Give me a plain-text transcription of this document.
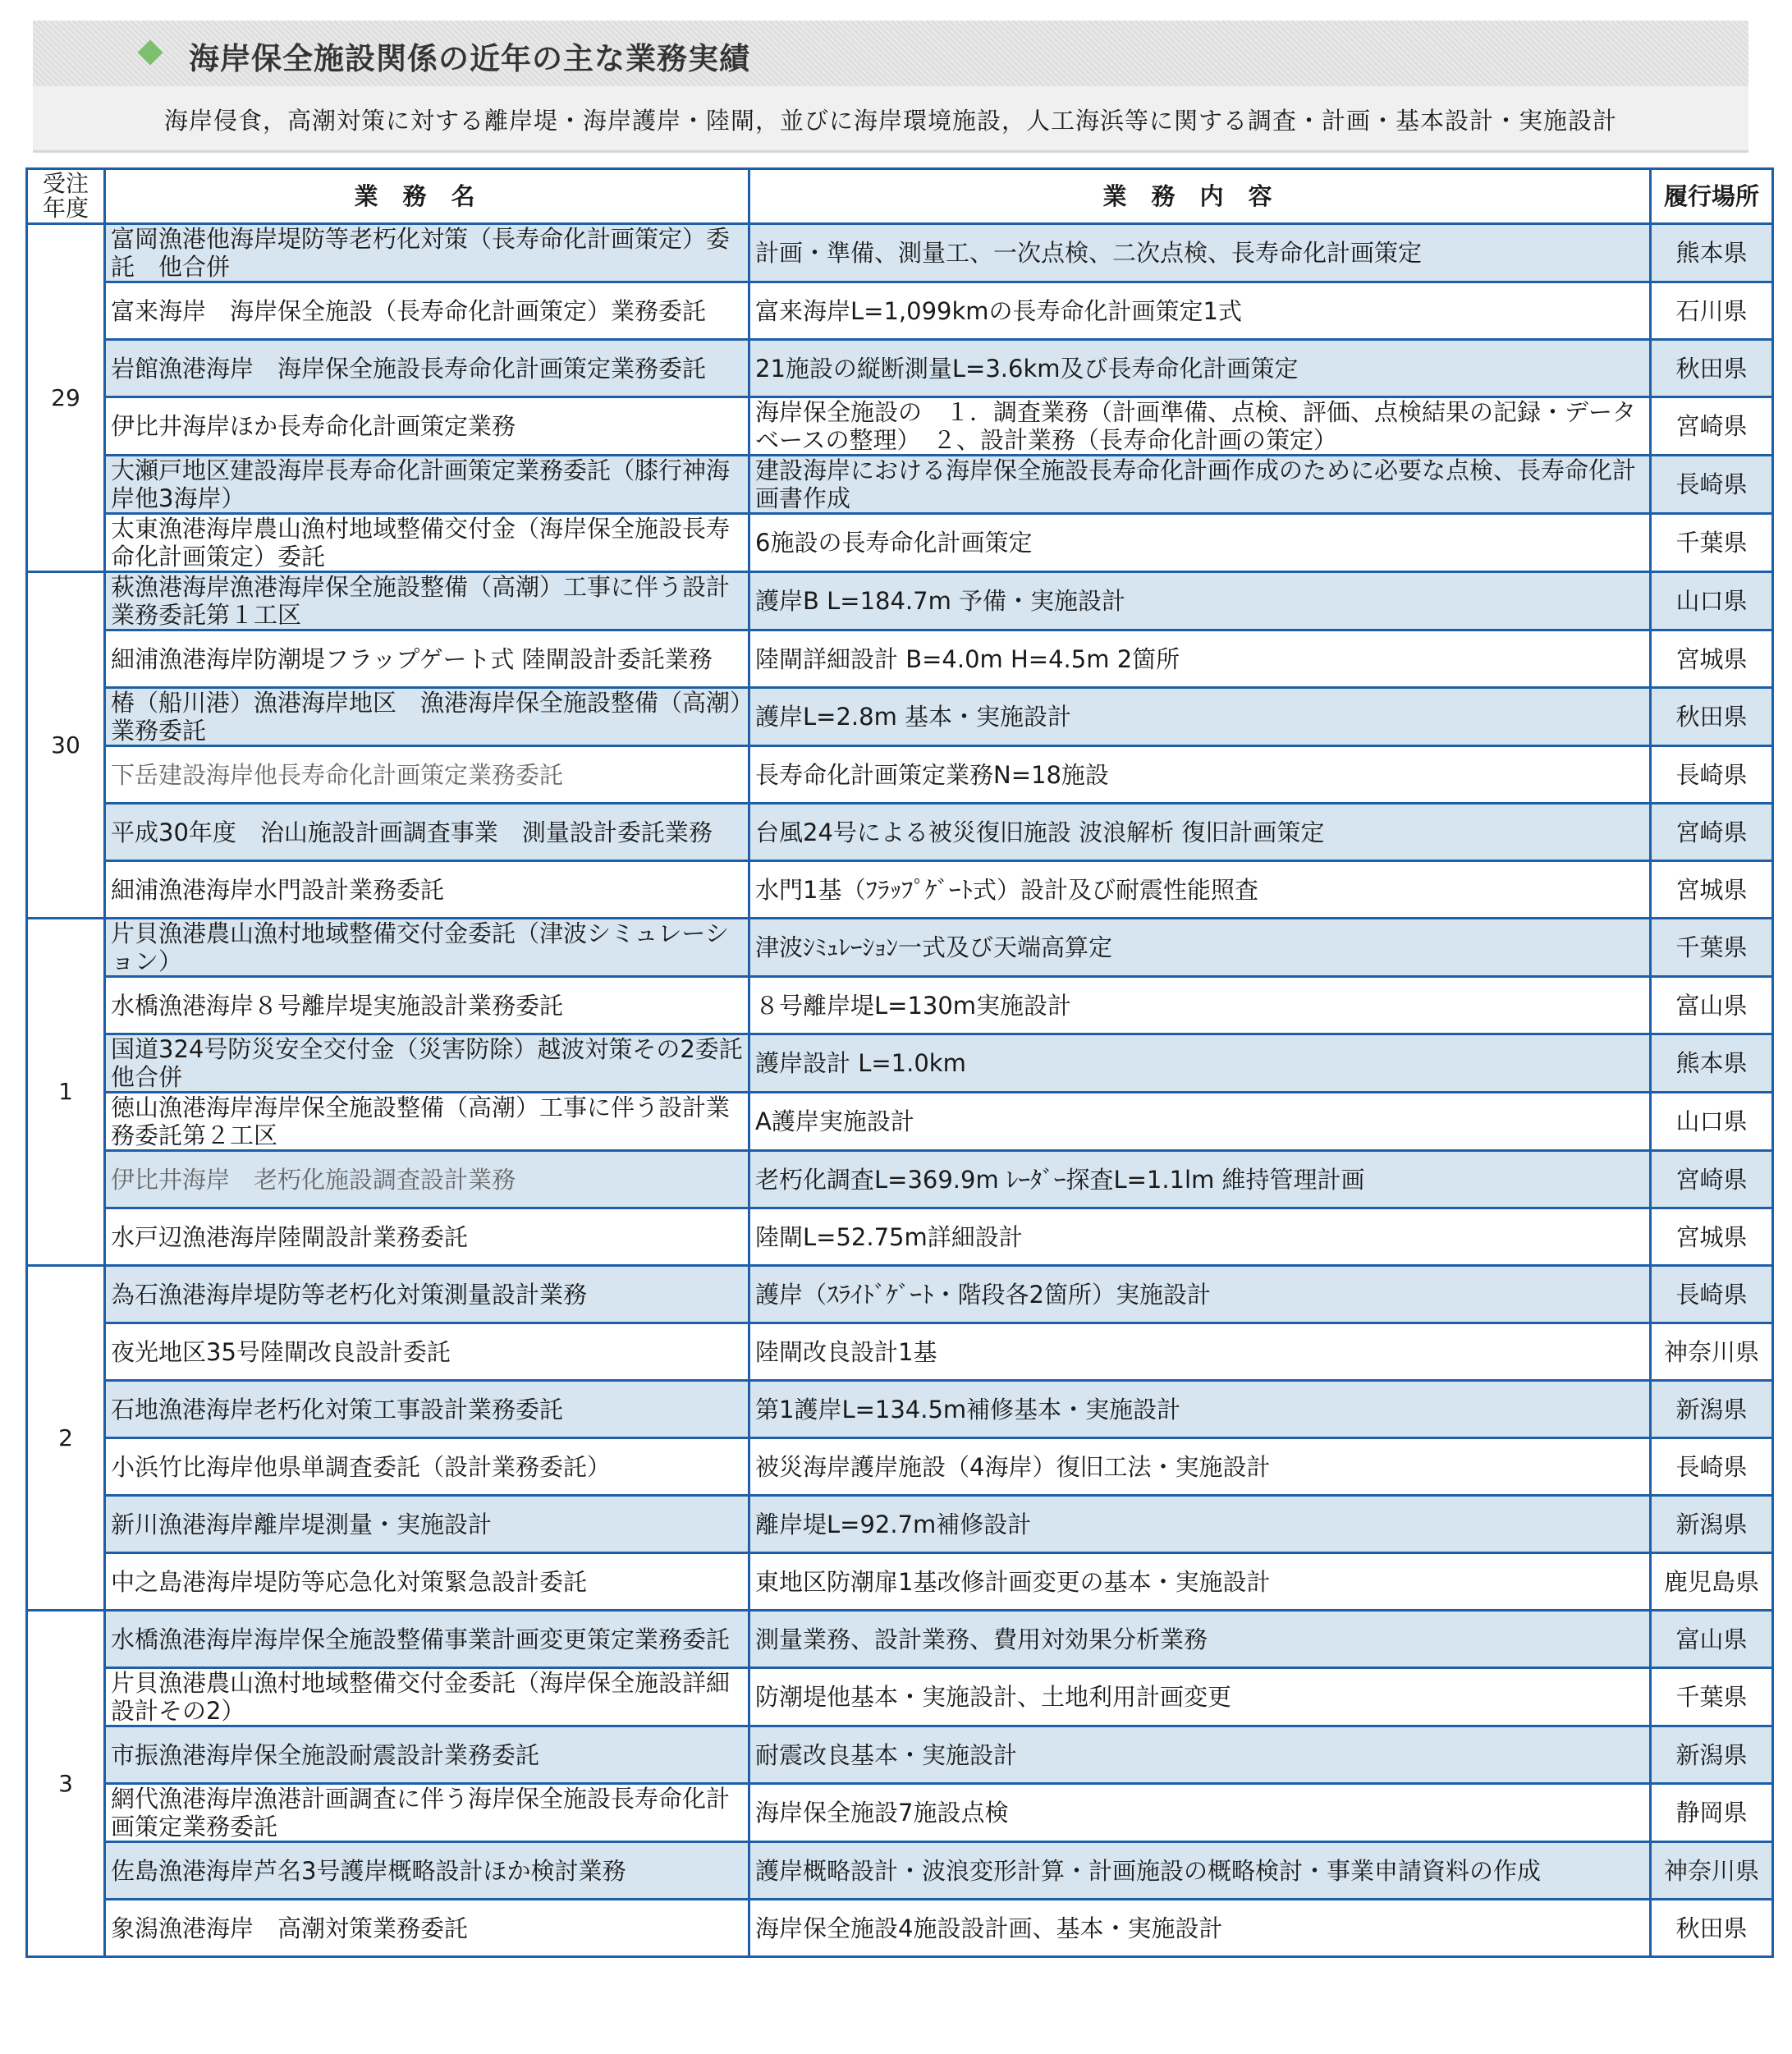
海岸保全施設関係の近年の主な業務実績
海岸侵食，高潮対策に対する離岸堤・海岸護岸・陸閘，並びに海岸環境施設，人工海浜等に関する調査・計画・基本設計・実施設計
受注
年度	業務名	業務内容	履行場所
29	富岡漁港他海岸堤防等老朽化対策（長寿命化計画策定）委託　他合併	計画・準備、測量工、一次点検、二次点検、長寿命化計画策定	熊本県
	富来海岸　海岸保全施設（長寿命化計画策定）業務委託	富来海岸L=1,099kmの長寿命化計画策定1式	石川県
	岩館漁港海岸　海岸保全施設長寿命化計画策定業務委託	21施設の縦断測量L=3.6km及び長寿命化計画策定	秋田県
	伊比井海岸ほか長寿命化計画策定業務	海岸保全施設の　１．調査業務（計画準備、点検、評価、点検結果の記録・データベースの整理）　２、設計業務（長寿命化計画の策定）	宮崎県
	大瀬戸地区建設海岸長寿命化計画策定業務委託（膝行神海岸他3海岸）	建設海岸における海岸保全施設長寿命化計画作成のために必要な点検、長寿命化計画書作成	長崎県
	太東漁港海岸農山漁村地域整備交付金（海岸保全施設長寿命化計画策定）委託	6施設の長寿命化計画策定	千葉県
30	萩漁港海岸漁港海岸保全施設整備（高潮）工事に伴う設計業務委託第１工区	護岸B L=184.7m 予備・実施設計	山口県
	細浦漁港海岸防潮堤フラップゲート式 陸閘設計委託業務	陸閘詳細設計 B=4.0m H=4.5m 2箇所	宮城県
	椿（船川港）漁港海岸地区　漁港海岸保全施設整備（高潮）業務委託	護岸L=2.8m 基本・実施設計	秋田県
	下岳建設海岸他長寿命化計画策定業務委託	長寿命化計画策定業務N=18施設	長崎県
	平成30年度　治山施設計画調査事業　測量設計委託業務	台風24号による被災復旧施設 波浪解析 復旧計画策定	宮崎県
	細浦漁港海岸水門設計業務委託	水門1基（ﾌﾗｯﾌﾟｹﾞｰﾄ式）設計及び耐震性能照査	宮城県
1	片貝漁港農山漁村地域整備交付金委託（津波シミュレーション）	津波ｼﾐｭﾚｰｼｮﾝ一式及び天端高算定	千葉県
	水橋漁港海岸８号離岸堤実施設計業務委託	８号離岸堤L=130m実施設計	富山県
	国道324号防災安全交付金（災害防除）越波対策その2委託他合併	護岸設計 L=1.0km	熊本県
	徳山漁港海岸海岸保全施設整備（高潮）工事に伴う設計業務委託第２工区	A護岸実施設計	山口県
	伊比井海岸　老朽化施設調査設計業務	老朽化調査L=369.9m ﾚｰﾀﾞｰ探査L=1.1lm 維持管理計画	宮崎県
	水戸辺漁港海岸陸閘設計業務委託	陸閘L=52.75m詳細設計	宮城県
2	為石漁港海岸堤防等老朽化対策測量設計業務	護岸（ｽﾗｲﾄﾞｹﾞｰﾄ・階段各2箇所）実施設計	長崎県
	夜光地区35号陸閘改良設計委託	陸閘改良設計1基	神奈川県
	石地漁港海岸老朽化対策工事設計業務委託	第1護岸L=134.5m補修基本・実施設計	新潟県
	小浜竹比海岸他県単調査委託（設計業務委託）	被災海岸護岸施設（4海岸）復旧工法・実施設計	長崎県
	新川漁港海岸離岸堤測量・実施設計	離岸堤L=92.7m補修設計	新潟県
	中之島港海岸堤防等応急化対策緊急設計委託	東地区防潮扉1基改修計画変更の基本・実施設計	鹿児島県
3	水橋漁港海岸海岸保全施設整備事業計画変更策定業務委託	測量業務、設計業務、費用対効果分析業務	富山県
	片貝漁港農山漁村地域整備交付金委託（海岸保全施設詳細設計その2）	防潮堤他基本・実施設計、土地利用計画変更	千葉県
	市振漁港海岸保全施設耐震設計業務委託	耐震改良基本・実施設計	新潟県
	網代漁港海岸漁港計画調査に伴う海岸保全施設長寿命化計画策定業務委託	海岸保全施設7施設点検	静岡県
	佐島漁港海岸芦名3号護岸概略設計ほか検討業務	護岸概略設計・波浪変形計算・計画施設の概略検討・事業申請資料の作成	神奈川県
	象潟漁港海岸　高潮対策業務委託	海岸保全施設4施設設計画、基本・実施設計	秋田県
